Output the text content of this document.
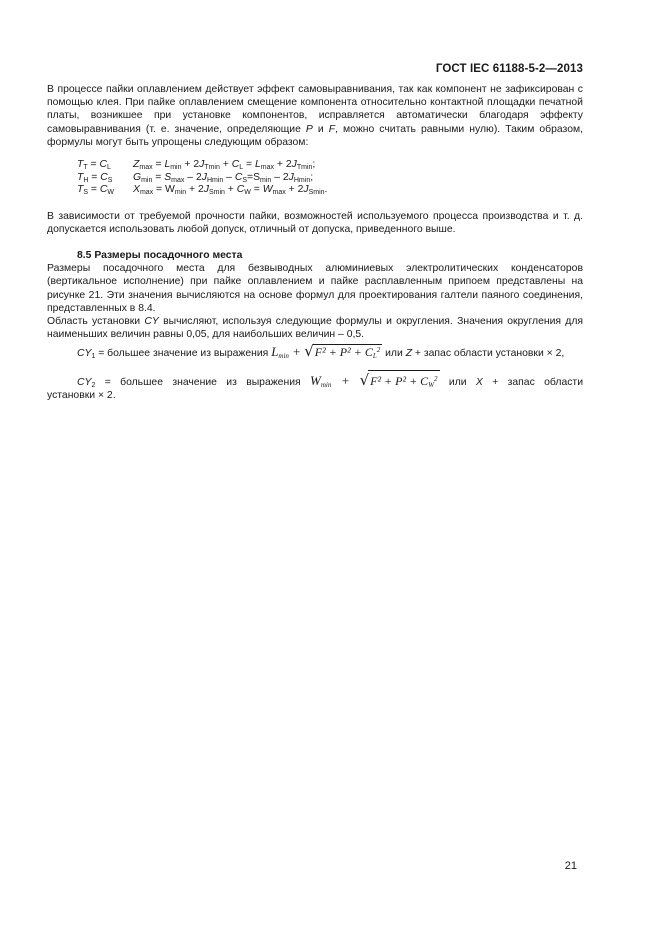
ГОСТ IEC 61188-5-2—2013

В процессе пайки оплавлением действует эффект самовыравнивания, так как компонент не зафиксирован с помощью клея. При пайке оплавлением смещение компонента относительно контактной площадки печатной платы, возникшее при установке компонентов, исправляется автоматически благодаря эффекту самовыравнивания (т. е. значение, определяющие P и F, можно считать равными нулю). Таким образом, формулы могут быть упрощены следующим образом:

$T_T = C_L$	$Z_{max} = L_{min} + 2J_{Tmin} + C_L = L_{max} + 2J_{Tmin}$;
$T_H = C_S$	$G_{min} = S_{max} - 2J_{Hmin} - C_S=S_{min} - 2J_{Hmin}$;
$T_S = C_W$	$X_{max} = W_{min} + 2J_{Smin} + C_W = W_{max} + 2J_{Smin}$.

В зависимости от требуемой прочности пайки, возможностей используемого процесса производства и т. д. допускается использовать любой допуск, отличный от допуска, приведенного выше.

8.5 Размеры посадочного места

Размеры посадочного места для безвыводных алюминиевых электролитических конденсаторов (вертикальное исполнение) при пайке оплавлением и пайке расплавленным припоем представлены на рисунке 21. Эти значения вычисляются на основе формул для проектирования галтели паяного соединения, представленных в 8.4.

Область установки CY вычисляют, используя следующие формулы и округления. Значения округления для наименьших величин равны 0,05, для наибольших величин – 0,5.

$CY_1$ = большее значение из выражения $L_{min} + √F^2 + P^2 + C_L^2$ или Z + запас области установки × 2,
$CY_2$ = большее значение из выражения $W_{min} + √F^2 + P^2 + C_W^2$ или X + запас области
установки × 2.
21
